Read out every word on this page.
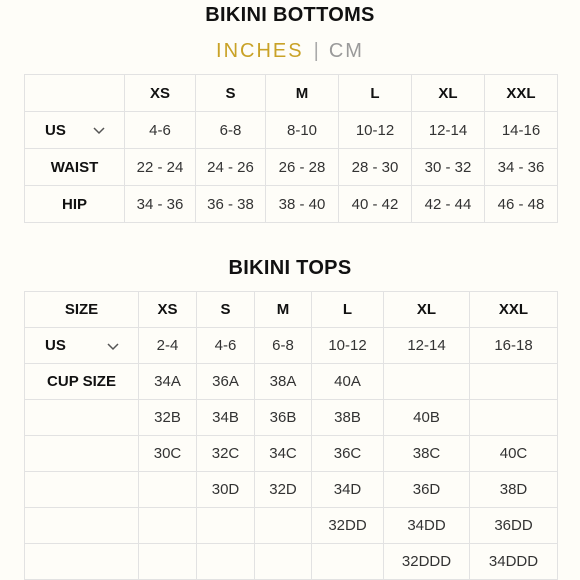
BIKINI BOTTOMS
INCHES | CM
	XS	S	M	L	XL	XXL

US	4-6	6-8	8-10	10-12	12-14	14-16
WAIST	22 - 24	24 - 26	26 - 28	28 - 30	30 - 32	34 - 36
HIP	34 - 36	36 - 38	38 - 40	40 - 42	42 - 44	46 - 48
BIKINI TOPS
SIZE	XS	S	M	L	XL	XXL

US	2-4	4-6	6-8	10-12	12-14	16-18
CUP SIZE	34A	36A	38A	40A		
	32B	34B	36B	38B	40B	
	30C	32C	34C	36C	38C	40C
		30D	32D	34D	36D	38D
				32DD	34DD	36DD
					32DDD	34DDD
